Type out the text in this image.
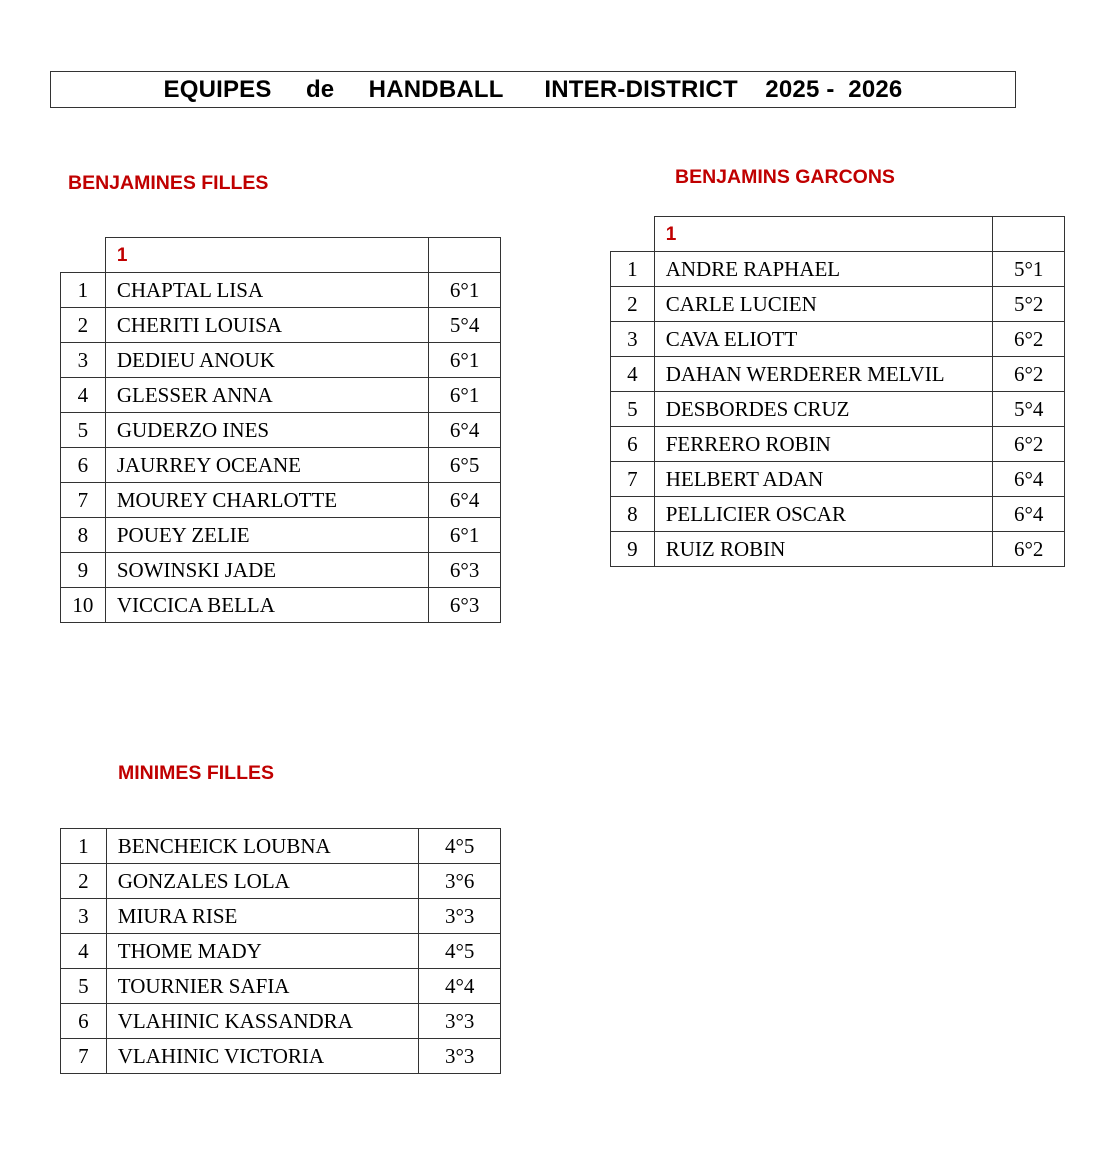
EQUIPES     de     HANDBALL      INTER-DISTRICT    2025 -  2026
BENJAMINES FILLES	BENJAMINS GARCONS
MINIMES FILLES
	1	
1	CHAPTAL LISA	6°1
2	CHERITI LOUISA	5°4
3	DEDIEU ANOUK	6°1
4	GLESSER ANNA	6°1
5	GUDERZO INES	6°4
6	JAURREY OCEANE	6°5
7	MOUREY CHARLOTTE	6°4
8	POUEY ZELIE	6°1
9	SOWINSKI JADE	6°3
10	VICCICA BELLA	6°3
	1	
1	ANDRE RAPHAEL	5°1
2	CARLE LUCIEN	5°2
3	CAVA ELIOTT	6°2
4	DAHAN WERDERER MELVIL	6°2
5	DESBORDES CRUZ	5°4
6	FERRERO ROBIN	6°2
7	HELBERT ADAN	6°4
8	PELLICIER OSCAR	6°4
9	RUIZ ROBIN	6°2
1	BENCHEICK LOUBNA	4°5
2	GONZALES LOLA	3°6
3	MIURA RISE	3°3
4	THOME MADY	4°5
5	TOURNIER SAFIA	4°4
6	VLAHINIC KASSANDRA	3°3
7	VLAHINIC VICTORIA	3°3
